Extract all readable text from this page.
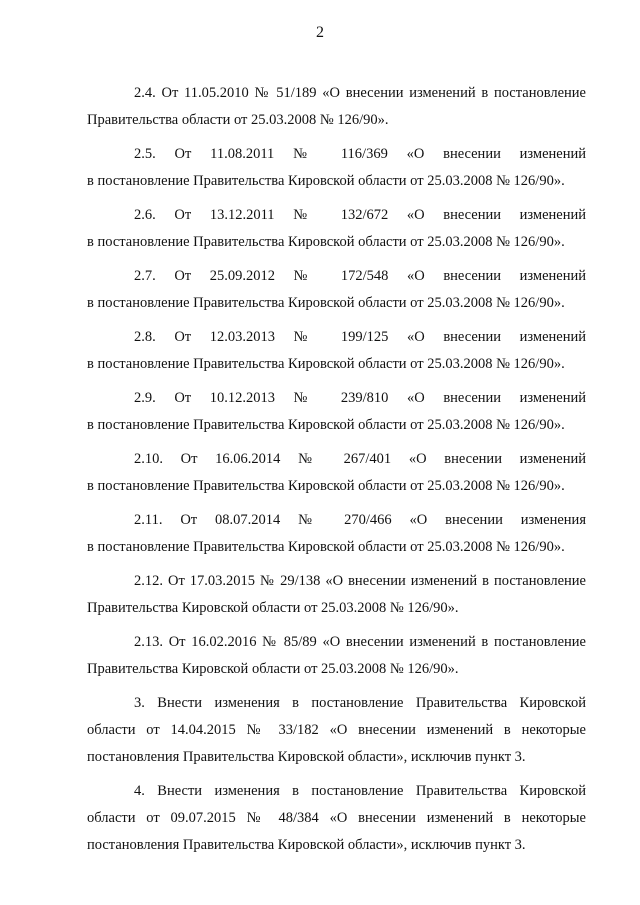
2
2.4. От 11.05.2010 № 51/189 «О внесении изменений в постановление
Правительства области от 25.03.2008 № 126/90».
2.5. От 11.08.2011 № 116/369 «О внесении изменений
в постановление Правительства Кировской области от 25.03.2008 № 126/90».
2.6. От 13.12.2011 № 132/672 «О внесении изменений
в постановление Правительства Кировской области от 25.03.2008 № 126/90».
2.7. От 25.09.2012 № 172/548 «О внесении изменений
в постановление Правительства Кировской области от 25.03.2008 № 126/90».
2.8. От 12.03.2013 № 199/125 «О внесении изменений
в постановление Правительства Кировской области от 25.03.2008 № 126/90».
2.9. От 10.12.2013 № 239/810 «О внесении изменений
в постановление Правительства Кировской области от 25.03.2008 № 126/90».
2.10. От 16.06.2014 № 267/401 «О внесении изменений
в постановление Правительства Кировской области от 25.03.2008 № 126/90».
2.11. От 08.07.2014 № 270/466 «О внесении изменения
в постановление Правительства Кировской области от 25.03.2008 № 126/90».
2.12. От 17.03.2015 № 29/138 «О внесении изменений в постановление
Правительства Кировской области от 25.03.2008 № 126/90».
2.13. От 16.02.2016 № 85/89 «О внесении изменений в постановление
Правительства Кировской области от 25.03.2008 № 126/90».
3. Внести изменения в постановление Правительства Кировской
области от 14.04.2015 № 33/182 «О внесении изменений в некоторые
постановления Правительства Кировской области», исключив пункт 3.
4. Внести изменения в постановление Правительства Кировской
области от 09.07.2015 № 48/384 «О внесении изменений в некоторые
постановления Правительства Кировской области», исключив пункт 3.
